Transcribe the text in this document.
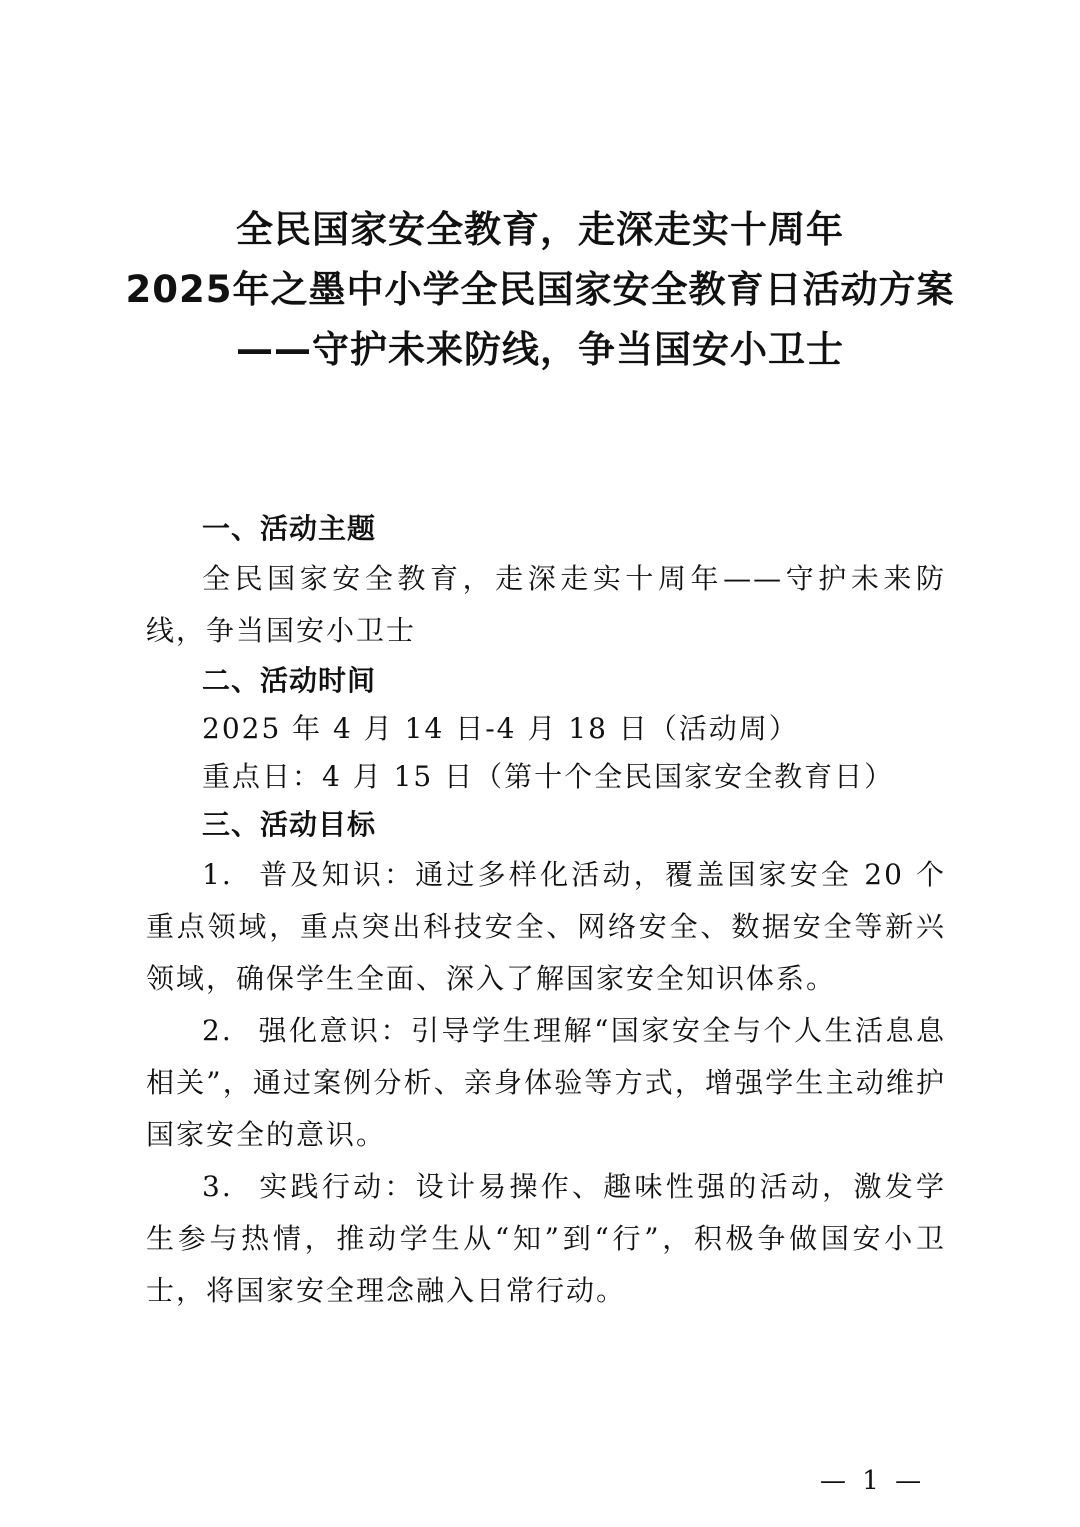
全民国家安全教育，走深走实十周年
2025年之墨中小学全民国家安全教育日活动方案
——守护未来防线，争当国安小卫士
一、活动主题

全民国家安全教育，走深走实十周年——守护未来防线，争当国安小卫士

二、活动时间

2025 年 4 月 14 日-4 月 18 日（活动周）

重点日：4 月 15 日（第十个全民国家安全教育日）

三、活动目标

1. 普及知识：通过多样化活动，覆盖国家安全 20 个重点领域，重点突出科技安全、网络安全、数据安全等新兴领域，确保学生全面、深入了解国家安全知识体系。

2. 强化意识：引导学生理解“国家安全与个人生活息息相关”，通过案例分析、亲身体验等方式，增强学生主动维护国家安全的意识。

3. 实践行动：设计易操作、趣味性强的活动，激发学生参与热情，推动学生从“知”到“行”，积极争做国安小卫士，将国家安全理念融入日常行动。

— 1 —
